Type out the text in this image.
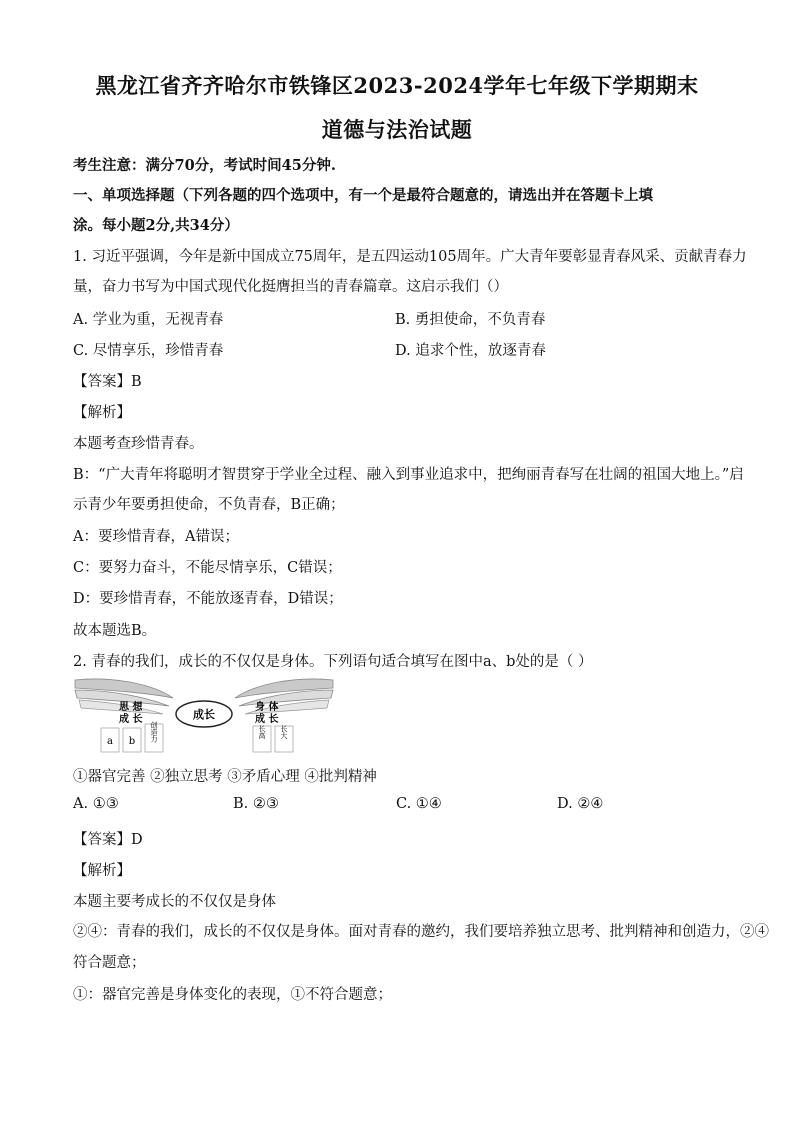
黑龙江省齐齐哈尔市铁锋区2023-2024学年七年级下学期期末
道德与法治试题
考生注意：满分70分，考试时间45分钟.
一、单项选择题（下列各题的四个选项中，有一个是最符合题意的，请选出并在答题卡上填
涂。每小题2分,共34分）
1. 习近平强调，今年是新中国成立75周年，是五四运动105周年。广大青年要彰显青春风采、贡献青春力
量，奋力书写为中国式现代化挺膺担当的青春篇章。这启示我们（）
A. 学业为重，无视青春	B. 勇担使命，不负青春
C. 尽情享乐，珍惜青春	D. 追求个性，放逐青春
【答案】B
【解析】
本题考查珍惜青春。
B：“广大青年将聪明才智贯穿于学业全过程、融入到事业追求中，把绚丽青春写在壮阔的祖国大地上。”启
示青少年要勇担使命，不负青春，B正确；
A：要珍惜青春，A错误；
C：要努力奋斗，不能尽情享乐，C错误；
D：要珍惜青春，不能放逐青春，D错误；
故本题选B。
2. 青春的我们，成长的不仅仅是身体。下列语句适合填写在图中a、b处的是（ ）
思 想
成 长	成长
身 体
成 长
a b 创造力	长高 长大
①器官完善 ②独立思考 ③矛盾心理 ④批判精神
A. ①③	B. ②③	C. ①④	D. ②④
【答案】D
【解析】
本题主要考成长的不仅仅是身体
②④：青春的我们，成长的不仅仅是身体。面对青春的邀约，我们要培养独立思考、批判精神和创造力，②④
符合题意；
①：器官完善是身体变化的表现，①不符合题意；
